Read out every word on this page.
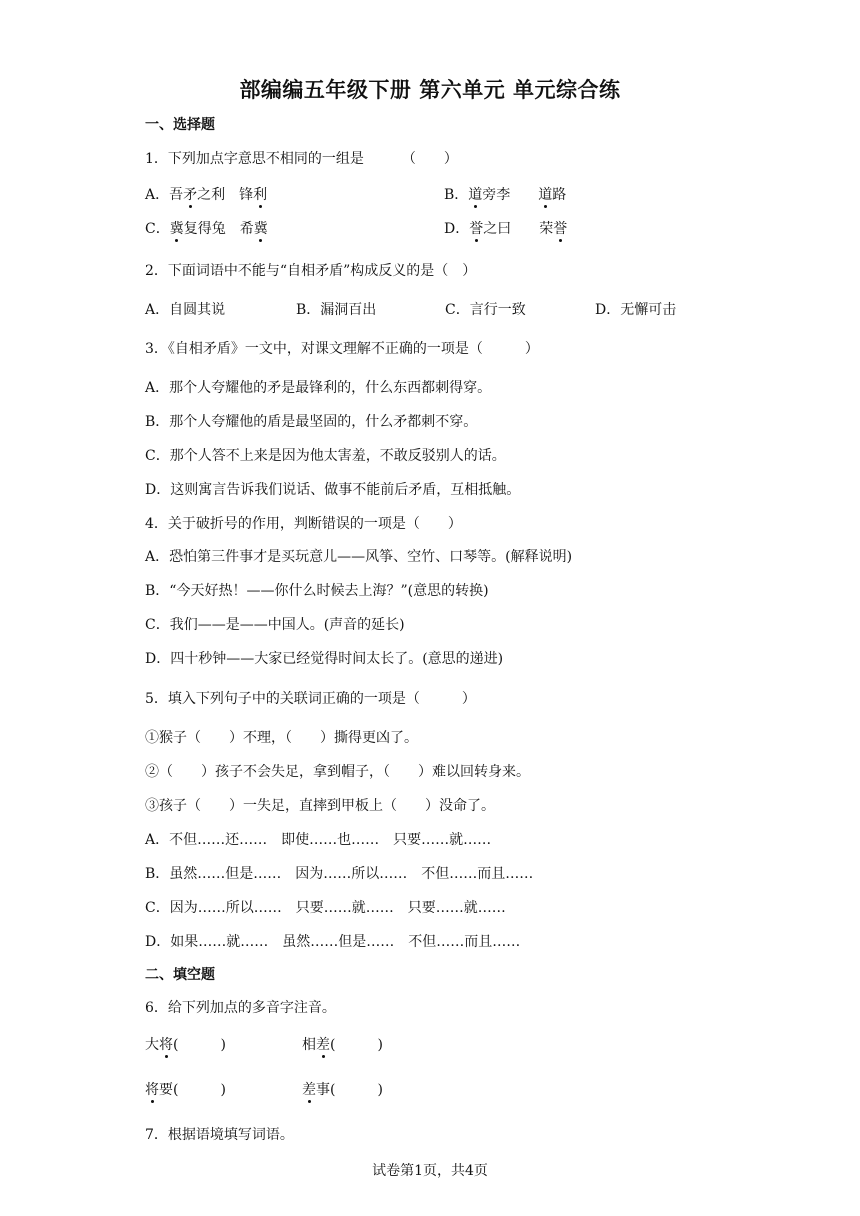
部编编五年级下册 第六单元 单元综合练
一、选择题
1．下列加点字意思不相同的一组是	（　　）
A．吾矛之利　锋利	B．道旁李　　道路
C．冀复得兔　希冀	D．誉之曰　　荣誉
2．下面词语中不能与“自相矛盾”构成反义的是（　）
A．自圆其说	B．漏洞百出	C．言行一致	D．无懈可击
3．《自相矛盾》一文中，对课文理解不正确的一项是（　　　）
A．那个人夸耀他的矛是最锋利的，什么东西都刺得穿。
B．那个人夸耀他的盾是最坚固的，什么矛都刺不穿。
C．那个人答不上来是因为他太害羞，不敢反驳别人的话。
D．这则寓言告诉我们说话、做事不能前后矛盾，互相抵触。
4．关于破折号的作用，判断错误的一项是（　　）
A．恐怕第三件事才是买玩意儿——风筝、空竹、口琴等。(解释说明)
B．“今天好热！——你什么时候去上海？”(意思的转换)
C．我们——是——中国人。(声音的延长)
D．四十秒钟——大家已经觉得时间太长了。(意思的递进)
5．填入下列句子中的关联词正确的一项是（　　　）
①猴子（　　）不理，（　　）撕得更凶了。
②（　　）孩子不会失足，拿到帽子，（　　）难以回转身来。
③孩子（　　）一失足，直摔到甲板上（　　）没命了。
A．不但……还……　即使……也……　只要……就……
B．虽然……但是……　因为……所以……　不但……而且……
C．因为……所以……　只要……就……　只要……就……
D．如果……就……　虽然……但是……　不但……而且……
二、填空题
6．给下列加点的多音字注音。
大将(　　　)	相差(　　　)
将要(　　　)	差事(　　　)
7．根据语境填写词语。
试卷第1页，共4页
